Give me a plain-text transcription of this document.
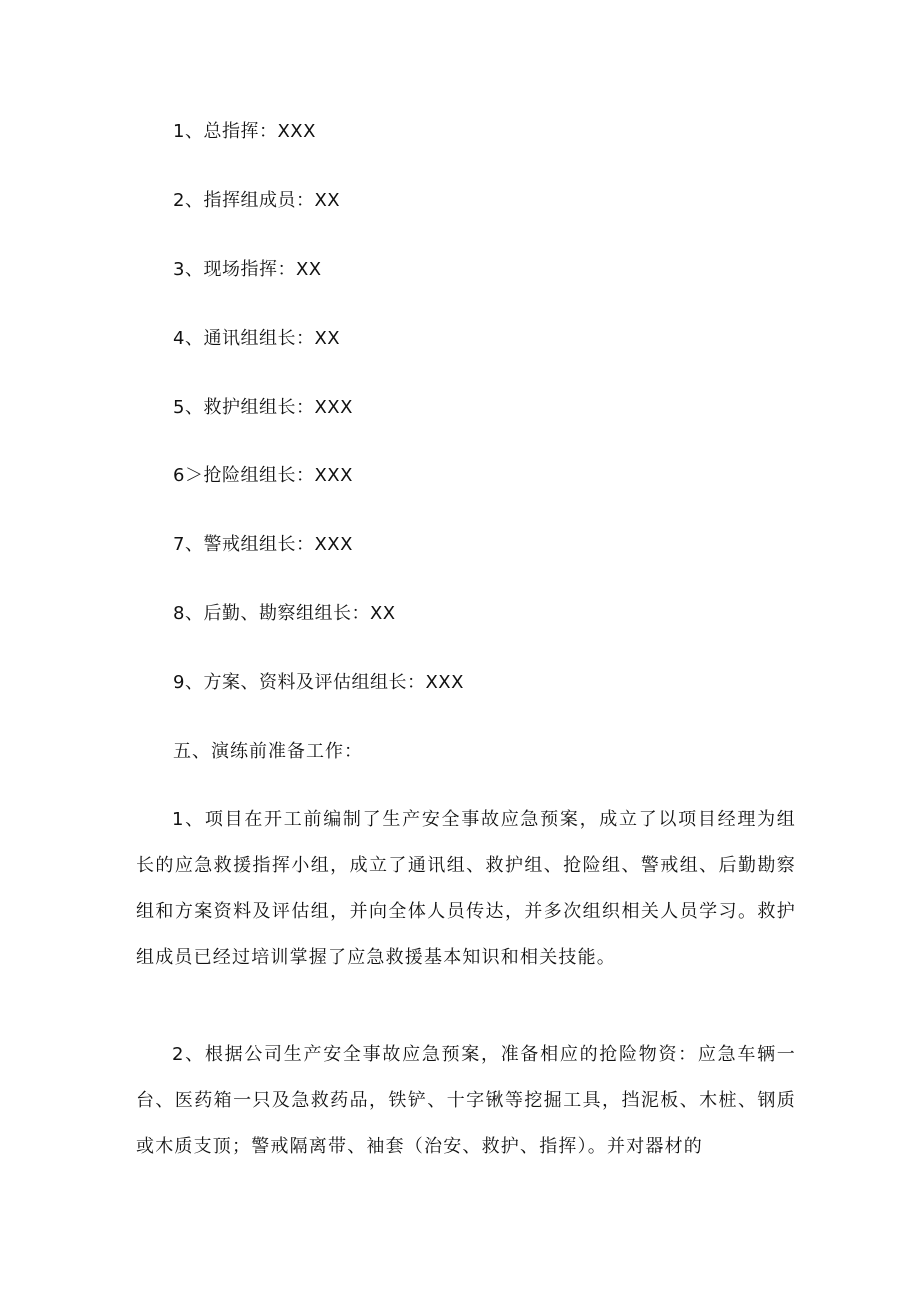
1、总指挥：XXX
2、指挥组成员：XX
3、现场指挥：XX
4、通讯组组长：XX
5、救护组组长：XXX
6＞抢险组组长：XXX
7、警戒组组长：XXX
8、后勤、勘察组组长：XX
9、方案、资料及评估组组长：XXX
五、演练前准备工作：

1、项目在开工前编制了生产安全事故应急预案，成立了以项目经理为组长的应急救援指挥小组，成立了通讯组、救护组、抢险组、警戒组、后勤勘察组和方案资料及评估组，并向全体人员传达，并多次组织相关人员学习。救护组成员已经过培训掌握了应急救援基本知识和相关技能。

2、根据公司生产安全事故应急预案，准备相应的抢险物资：应急车辆一台、医药箱一只及急救药品，铁铲、十字锹等挖掘工具，挡泥板、木桩、钢质或木质支顶；警戒隔离带、袖套（治安、救护、指挥）。并对器材的
